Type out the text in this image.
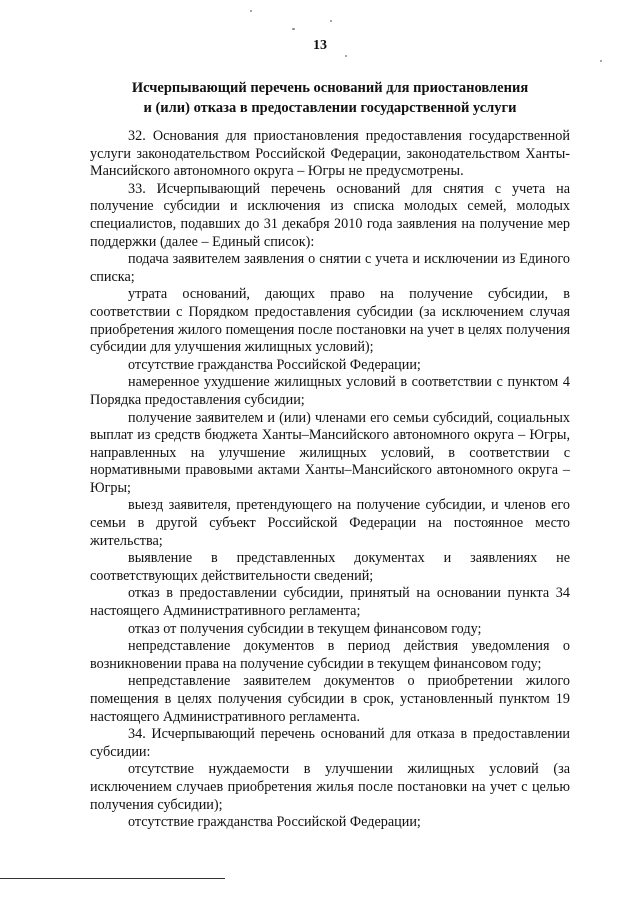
13
Исчерпывающий перечень оснований для приостановления
и (или) отказа в предоставлении государственной услуги

32. Основания для приостановления предоставления государственной услуги законодательством Российской Федерации, законодательством Ханты-Мансийского автономного округа – Югры не предусмотрены.

33. Исчерпывающий перечень оснований для снятия с учета на получение субсидии и исключения из списка молодых семей, молодых специалистов, подавших до 31 декабря 2010 года заявления на получение мер поддержки (далее – Единый список):

подача заявителем заявления о снятии с учета и исключении из Единого списка;

утрата оснований, дающих право на получение субсидии, в соответствии с Порядком предоставления субсидии (за исключением случая приобретения жилого помещения после постановки на учет в целях получения субсидии для улучшения жилищных условий);

отсутствие гражданства Российской Федерации;

намеренное ухудшение жилищных условий в соответствии с пунктом 4 Порядка предоставления субсидии;

получение заявителем и (или) членами его семьи субсидий, социальных выплат из средств бюджета Ханты–Мансийского автономного округа – Югры, направленных на улучшение жилищных условий, в соответствии с нормативными правовыми актами Ханты–Мансийского автономного округа – Югры;

выезд заявителя, претендующего на получение субсидии, и членов его семьи в другой субъект Российской Федерации на постоянное место жительства;

выявление в представленных документах и заявлениях не соответствующих действительности сведений;

отказ в предоставлении субсидии, принятый на основании пункта 34 настоящего Административного регламента;

отказ от получения субсидии в текущем финансовом году;

непредставление документов в период действия уведомления о возникновении права на получение субсидии в текущем финансовом году;

непредставление заявителем документов о приобретении жилого помещения в целях получения субсидии в срок, установленный пунктом 19 настоящего Административного регламента.

34. Исчерпывающий перечень оснований для отказа в предоставлении субсидии:

отсутствие нуждаемости в улучшении жилищных условий (за исключением случаев приобретения жилья после постановки на учет с целью получения субсидии);

отсутствие гражданства Российской Федерации;
